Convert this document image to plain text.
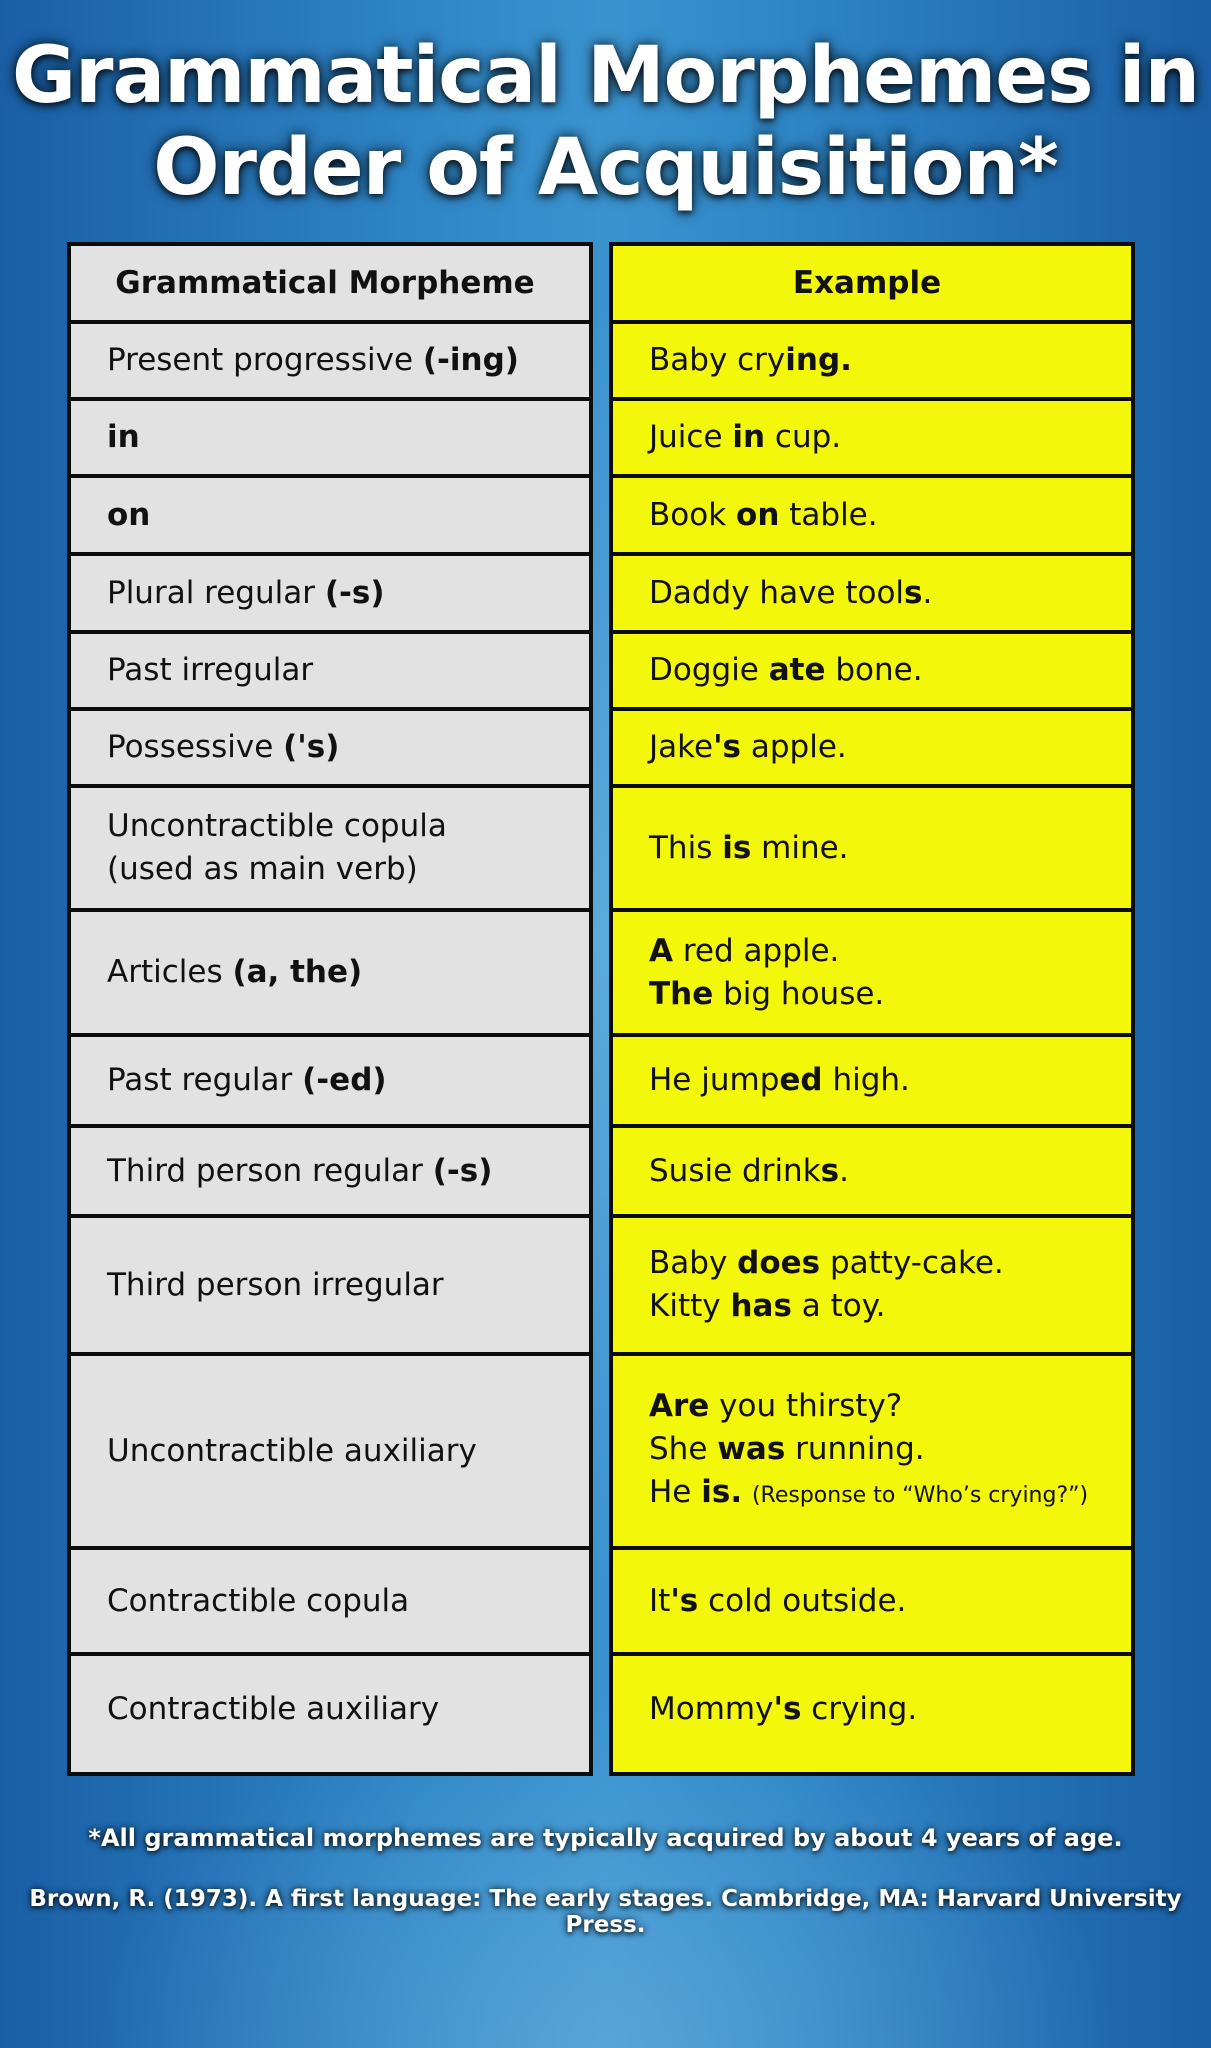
Grammatical Morphemes in
Order of Acquisition*
Grammatical Morpheme
Present progressive (-ing)
in
on
Plural regular (-s)
Past irregular
Possessive ('s)
Uncontractible copula
(used as main verb)
Articles (a, the)
Past regular (-ed)
Third person regular (-s)
Third person irregular
Uncontractible auxiliary
Contractible copula
Contractible auxiliary
Example
Baby crying.
Juice in cup.
Book on table.
Daddy have tools.
Doggie ate bone.
Jake's apple.
This is mine.
A red apple.
The big house.
He jumped high.
Susie drinks.
Baby does patty-cake.
Kitty has a toy.
Are you thirsty?
She was running.
He is. (Response to “Who’s crying?”)
It's cold outside.
Mommy's crying.
*All grammatical morphemes are typically acquired by about 4 years of age.
Brown, R. (1973). A first language: The early stages. Cambridge, MA: Harvard University Press.
